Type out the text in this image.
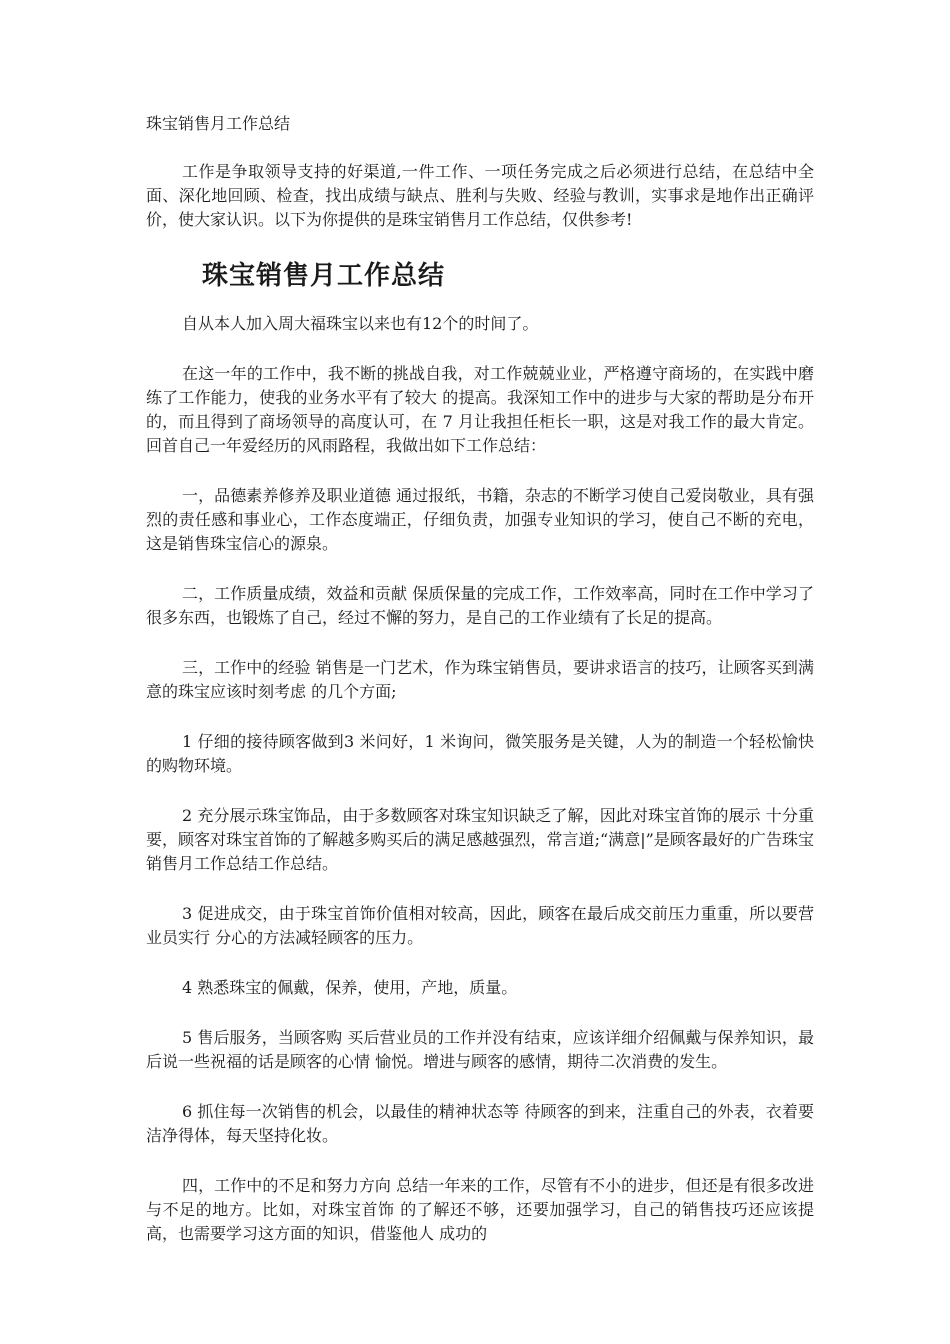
珠宝销售月工作总结

工作是争取领导支持的好渠道,一件工作、一项任务完成之后必须进行总结，在总结中全面、深化地回顾、检查，找出成绩与缺点、胜利与失败、经验与教训，实事求是地作出正确评价，使大家认识。以下为你提供的是珠宝销售月工作总结，仅供参考!

珠宝销售月工作总结

自从本人加入周大福珠宝以来也有12个的时间了。

在这一年的工作中，我不断的挑战自我，对工作兢兢业业，严格遵守商场的，在实践中磨练了工作能力，使我的业务水平有了较大 的提高。我深知工作中的进步与大家的帮助是分布开的，而且得到了商场领导的高度认可，在 7 月让我担任柜长一职，这是对我工作的最大肯定。回首自己一年爱经历的风雨路程，我做出如下工作总结：

一，品德素养修养及职业道德 通过报纸，书籍，杂志的不断学习使自己爱岗敬业，具有强烈的责任感和事业心，工作态度端正，仔细负责，加强专业知识的学习，使自己不断的充电，这是销售珠宝信心的源泉。

二，工作质量成绩，效益和贡献 保质保量的完成工作，工作效率高，同时在工作中学习了很多东西，也锻炼了自己，经过不懈的努力，是自己的工作业绩有了长足的提高。

三，工作中的经验 销售是一门艺术，作为珠宝销售员，要讲求语言的技巧，让顾客买到满意的珠宝应该时刻考虑 的几个方面;

1 仔细的接待顾客做到3 米问好，1 米询问，微笑服务是关键，人为的制造一个轻松愉快的购物环境。

2 充分展示珠宝饰品，由于多数顾客对珠宝知识缺乏了解，因此对珠宝首饰的展示 十分重要，顾客对珠宝首饰的了解越多购买后的满足感越强烈，常言道;“满意|”是顾客最好的广告珠宝销售月工作总结工作总结。

3 促进成交，由于珠宝首饰价值相对较高，因此，顾客在最后成交前压力重重，所以要营业员实行 分心的方法减轻顾客的压力。

4 熟悉珠宝的佩戴，保养，使用，产地，质量。

5 售后服务，当顾客购 买后营业员的工作并没有结束，应该详细介绍佩戴与保养知识，最后说一些祝福的话是顾客的心情 愉悦。增进与顾客的感情，期待二次消费的发生。

6 抓住每一次销售的机会，以最佳的精神状态等 待顾客的到来，注重自己的外表，衣着要洁净得体，每天坚持化妆。

四，工作中的不足和努力方向 总结一年来的工作，尽管有不小的进步，但还是有很多改进与不足的地方。比如，对珠宝首饰 的了解还不够，还要加强学习，自己的销售技巧还应该提高，也需要学习这方面的知识，借鉴他人 成功的
